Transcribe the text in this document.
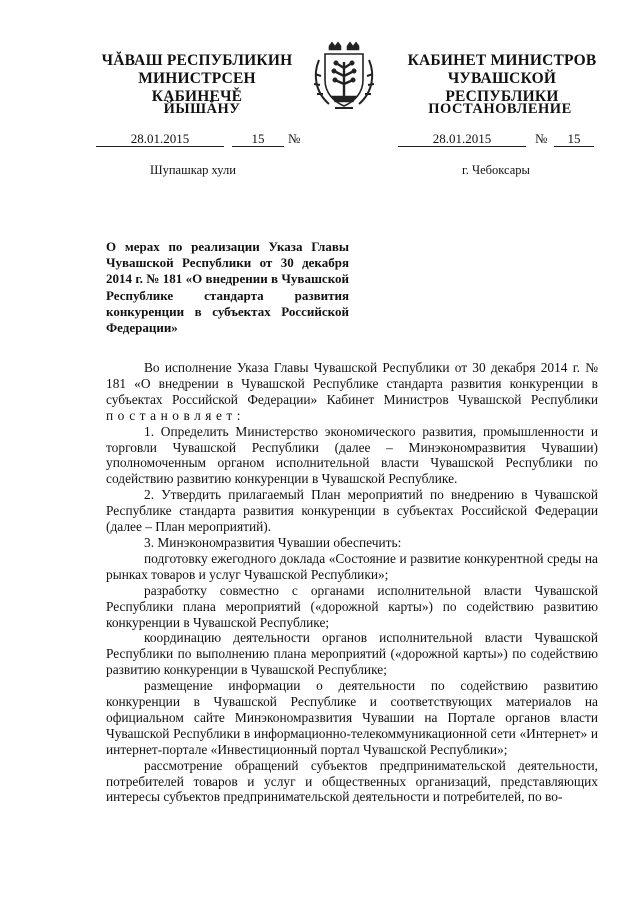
ЧĂВАШ РЕСПУБЛИКИН
МИНИСТРСЕН КАБИНЕЧĚ
КАБИНЕТ МИНИСТРОВ
ЧУВАШСКОЙ РЕСПУБЛИКИ
ЙЫШĂНУ	ПОСТАНОВЛЕНИЕ
28.01.2015	15	№	28.01.2015	№	15
Шупашкар хули	г. Чебоксары
О мерах по реализации Указа Главы Чувашской Республики от 30 декабря 2014 г. № 181 «О внедрении в Чувашской Республике стандарта развития конкуренции в субъектах Российской Федерации»

Во исполнение Указа Главы Чувашской Республики от 30 декабря 2014 г. № 181 «О внедрении в Чувашской Республике стандарта развития конкуренции в субъектах Российской Федерации» Кабинет Министров Чувашской Республики постановляет:

1. Определить Министерство экономического развития, промышленности и торговли Чувашской Республики (далее – Минэкономразвития Чувашии) уполномоченным органом исполнительной власти Чувашской Республики по содействию развитию конкуренции в Чувашской Республике.

2. Утвердить прилагаемый План мероприятий по внедрению в Чувашской Республике стандарта развития конкуренции в субъектах Российской Федерации (далее – План мероприятий).

3. Минэкономразвития Чувашии обеспечить:

подготовку ежегодного доклада «Состояние и развитие конкурентной среды на рынках товаров и услуг Чувашской Республики»;

разработку совместно с органами исполнительной власти Чувашской Республики плана мероприятий («дорожной карты») по содействию развитию конкуренции в Чувашской Республике;

координацию деятельности органов исполнительной власти Чувашской Республики по выполнению плана мероприятий («дорожной карты») по содействию развитию конкуренции в Чувашской Республике;

размещение информации о деятельности по содействию развитию конкуренции в Чувашской Республике и соответствующих материалов на официальном сайте Минэкономразвития Чувашии на Портале органов власти Чувашской Республики в информационно-телекоммуникационной сети «Интернет» и интернет-портале «Инвестиционный портал Чувашской Республики»;

рассмотрение обращений субъектов предпринимательской деятельности, потребителей товаров и услуг и общественных организаций, представляющих интересы субъектов предпринимательской деятельности и потребителей, по во-
